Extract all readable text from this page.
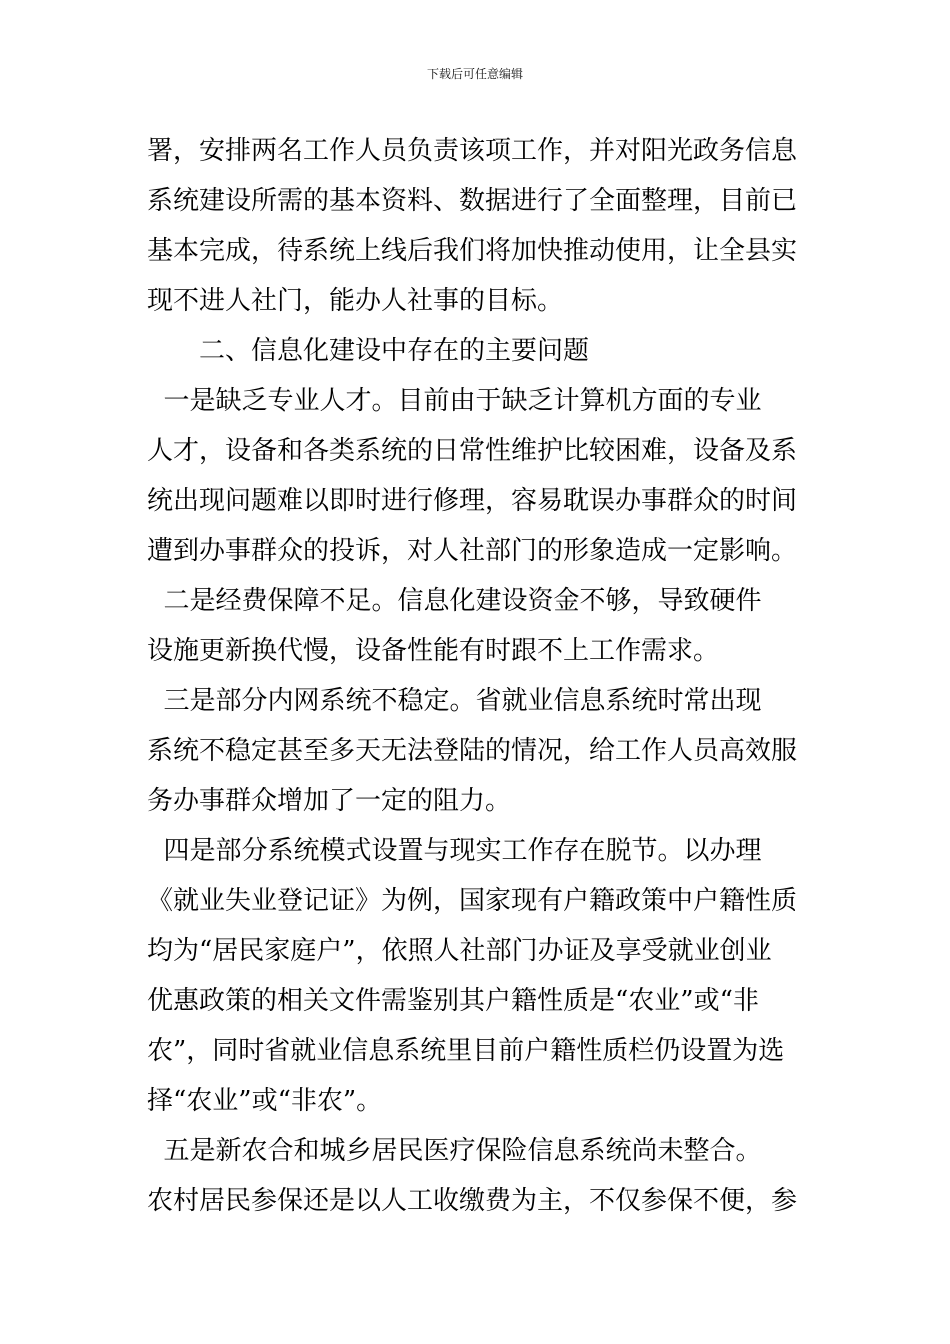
下载后可任意编辑

署，安排两名工作人员负责该项工作，并对阳光政务信息
系统建设所需的基本资料、数据进行了全面整理，目前已
基本完成，待系统上线后我们将加快推动使用，让全县实
现不进人社门，能办人社事的目标。

二、信息化建设中存在的主要问题

一是缺乏专业人才。目前由于缺乏计算机方面的专业
人才，设备和各类系统的日常性维护比较困难，设备及系
统出现问题难以即时进行修理，容易耽误办事群众的时间
遭到办事群众的投诉，对人社部门的形象造成一定影响。

二是经费保障不足。信息化建设资金不够，导致硬件
设施更新换代慢，设备性能有时跟不上工作需求。

三是部分内网系统不稳定。省就业信息系统时常出现
系统不稳定甚至多天无法登陆的情况，给工作人员高效服
务办事群众增加了一定的阻力。

四是部分系统模式设置与现实工作存在脱节。以办理
《就业失业登记证》为例，国家现有户籍政策中户籍性质
均为“居民家庭户”，依照人社部门办证及享受就业创业
优惠政策的相关文件需鉴别其户籍性质是“农业”或“非
农”，同时省就业信息系统里目前户籍性质栏仍设置为选
择“农业”或“非农”。

五是新农合和城乡居民医疗保险信息系统尚未整合。
农村居民参保还是以人工收缴费为主，不仅参保不便，参
